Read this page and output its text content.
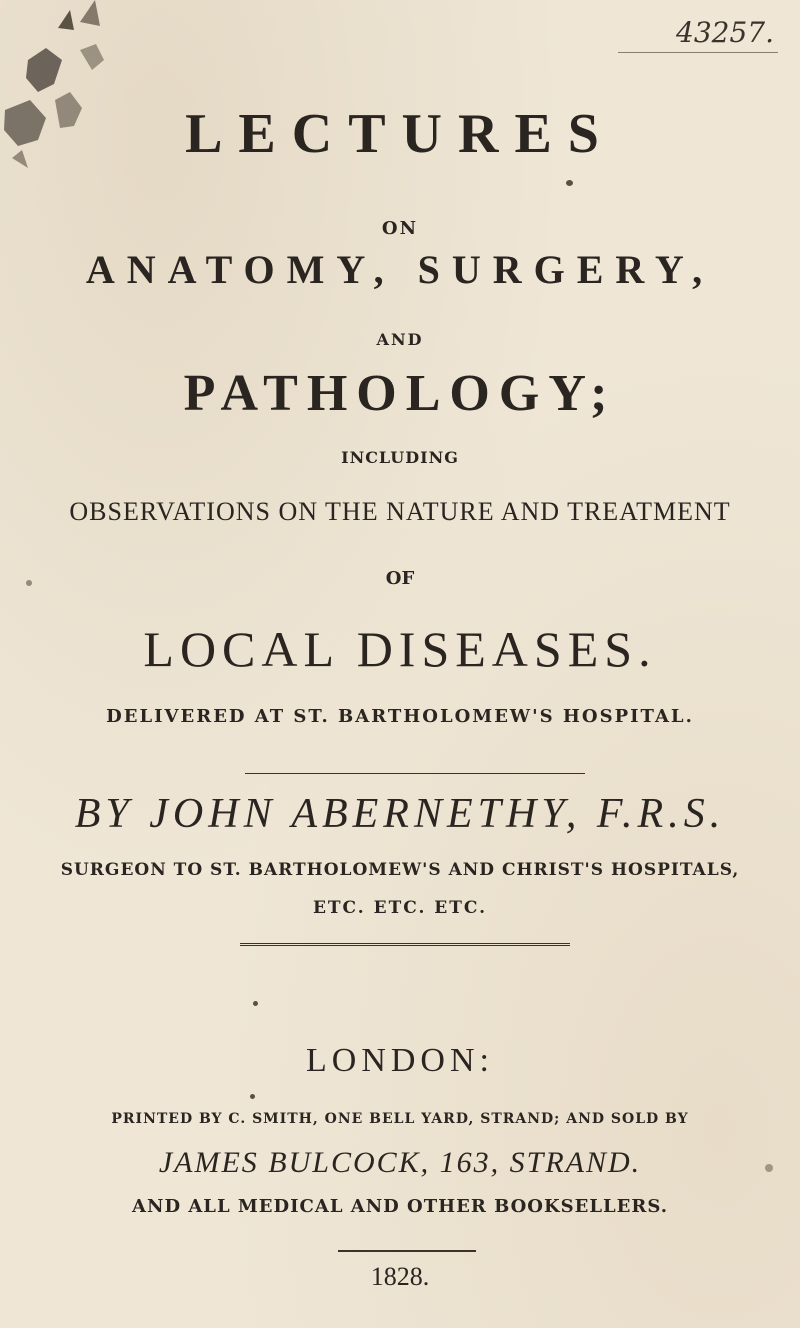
43257.
LECTURES
ON
ANATOMY, SURGERY,
AND
PATHOLOGY;
INCLUDING
OBSERVATIONS ON THE NATURE AND TREATMENT
OF
LOCAL DISEASES.
DELIVERED AT ST. BARTHOLOMEW'S HOSPITAL.
BY JOHN ABERNETHY, F.R.S.
SURGEON TO ST. BARTHOLOMEW'S AND CHRIST'S HOSPITALS,
ETC. ETC. ETC.
LONDON:
PRINTED BY C. SMITH, ONE BELL YARD, STRAND; AND SOLD BY
JAMES BULCOCK, 163, STRAND.
AND ALL MEDICAL AND OTHER BOOKSELLERS.
1828.
